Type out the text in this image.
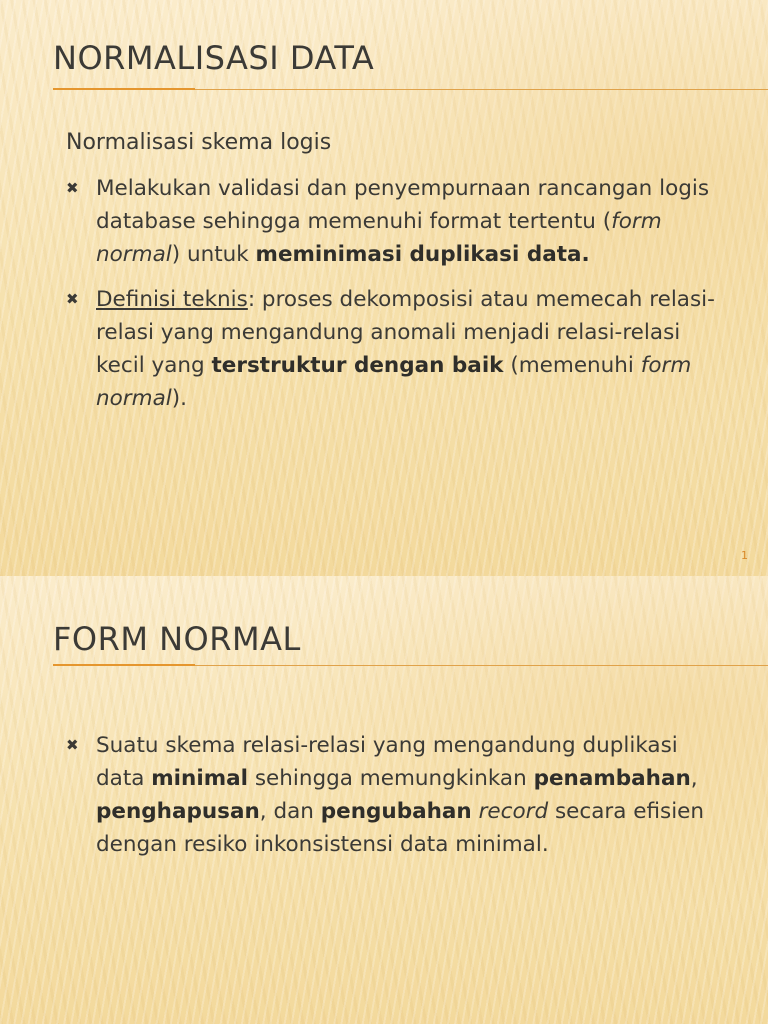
NORMALISASI DATA
Normalisasi skema logis
✖ Melakukan validasi dan penyempurnaan rancangan logis database sehingga memenuhi format tertentu (form normal) untuk meminimasi duplikasi data.
✖ Definisi teknis: proses dekomposisi atau memecah relasi-relasi yang mengandung anomali menjadi relasi-relasi kecil yang terstruktur dengan baik (memenuhi form normal).
1
FORM NORMAL
✖ Suatu skema relasi-relasi yang mengandung duplikasi data minimal sehingga memungkinkan penambahan, penghapusan, dan pengubahan record secara efisien dengan resiko inkonsistensi data minimal.
